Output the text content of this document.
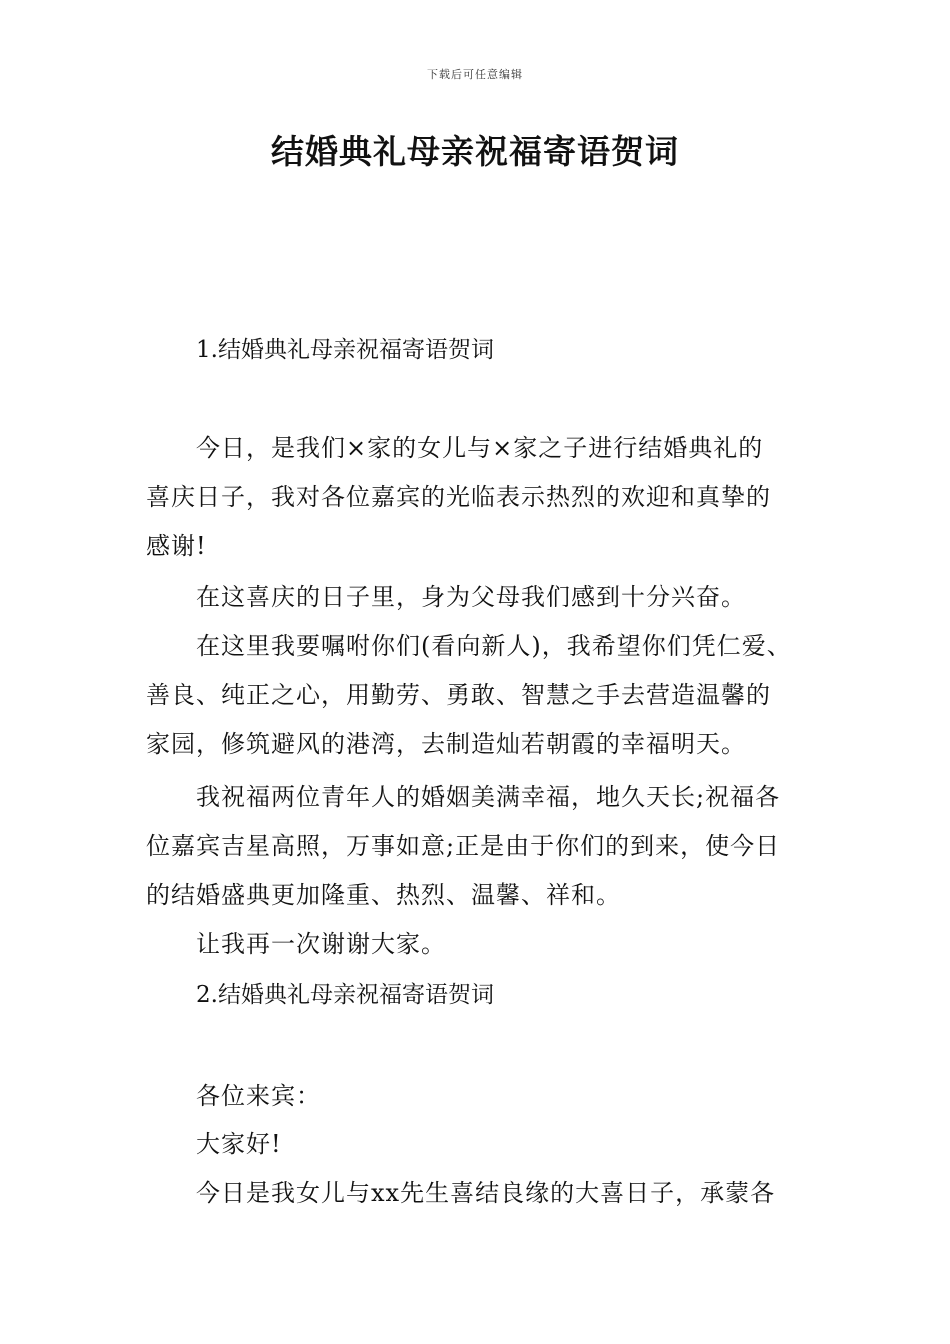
下载后可任意编辑
结婚典礼母亲祝福寄语贺词
1.结婚典礼母亲祝福寄语贺词
今日，是我们×家的女儿与×家之子进行结婚典礼的
喜庆日子，我对各位嘉宾的光临表示热烈的欢迎和真挚的
感谢!
在这喜庆的日子里，身为父母我们感到十分兴奋。
在这里我要嘱咐你们(看向新人)，我希望你们凭仁爱、
善良、纯正之心，用勤劳、勇敢、智慧之手去营造温馨的
家园，修筑避风的港湾，去制造灿若朝霞的幸福明天。
我祝福两位青年人的婚姻美满幸福，地久天长;祝福各
位嘉宾吉星高照，万事如意;正是由于你们的到来，使今日
的结婚盛典更加隆重、热烈、温馨、祥和。
让我再一次谢谢大家。
2.结婚典礼母亲祝福寄语贺词
各位来宾：
大家好!
今日是我女儿与xx先生喜结良缘的大喜日子，承蒙各
